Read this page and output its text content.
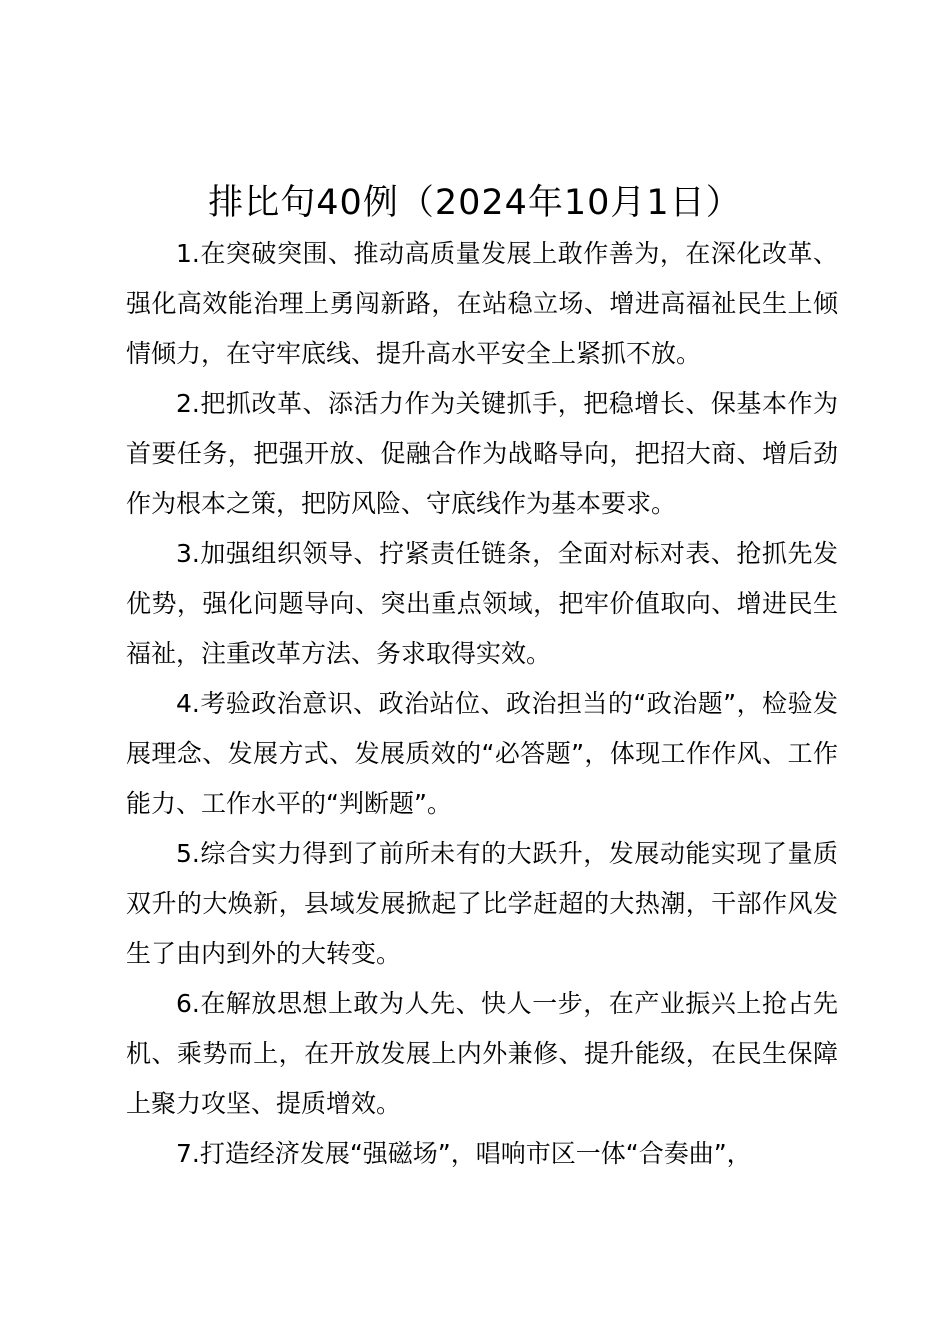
排比句40例（2024年10月1日）

1.在突破突围、推动高质量发展上敢作善为，在深化改革、强化高效能治理上勇闯新路，在站稳立场、增进高福祉民生上倾情倾力，在守牢底线、提升高水平安全上紧抓不放。

2.把抓改革、添活力作为关键抓手，把稳增长、保基本作为首要任务，把强开放、促融合作为战略导向，把招大商、增后劲作为根本之策，把防风险、守底线作为基本要求。

3.加强组织领导、拧紧责任链条，全面对标对表、抢抓先发优势，强化问题导向、突出重点领域，把牢价值取向、增进民生福祉，注重改革方法、务求取得实效。

4.考验政治意识、政治站位、政治担当的“政治题”，检验发展理念、发展方式、发展质效的“必答题”，体现工作作风、工作能力、工作水平的“判断题”。

5.综合实力得到了前所未有的大跃升，发展动能实现了量质双升的大焕新，县域发展掀起了比学赶超的大热潮，干部作风发生了由内到外的大转变。

6.在解放思想上敢为人先、快人一步，在产业振兴上抢占先机、乘势而上，在开放发展上内外兼修、提升能级，在民生保障上聚力攻坚、提质增效。

7.打造经济发展“强磁场”，唱响市区一体“合奏曲”，
